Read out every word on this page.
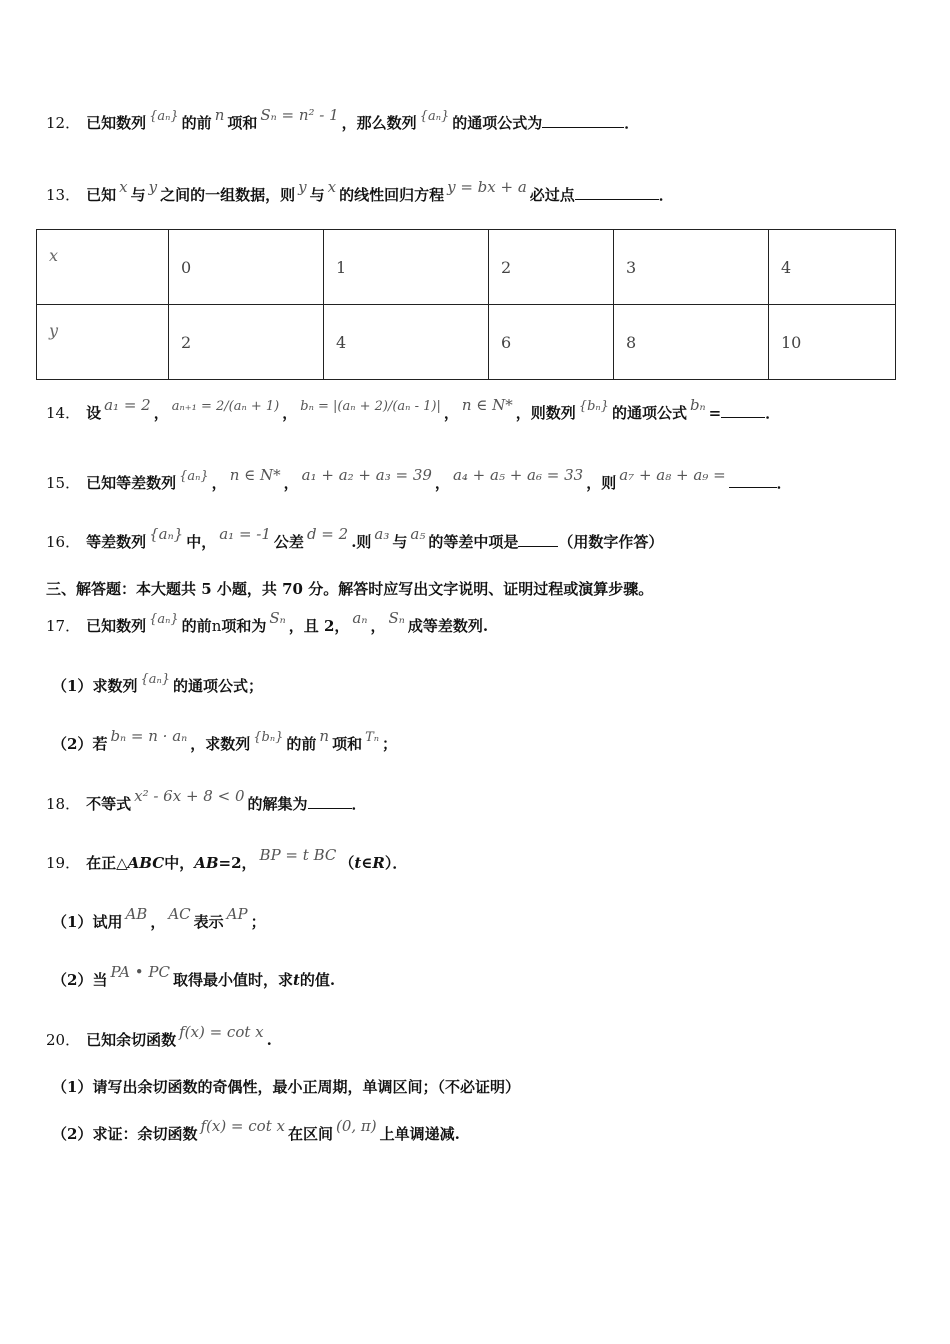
12． 已知数列 {aₙ} 的前 n 项和 Sₙ = n² - 1 ，那么数列 {aₙ} 的通项公式为	．
13． 已知 x 与 y 之间的一组数据，则 y 与 x 的线性回归方程 y = bx + a 必过点	．
x	0	1	2	3	4
y	2	4	6	8	10
14． 设 a₁ = 2 ， aₙ₊₁ = 2/(aₙ + 1) ， bₙ = |(aₙ + 2)/(aₙ - 1)| ， n ∈ N* ，则数列 {bₙ} 的通项公式 bₙ =	．
15． 已知等差数列 {aₙ} ， n ∈ N* ， a₁ + a₂ + a₃ = 39 ， a₄ + a₅ + a₆ = 33 ，则 a₇ + a₈ + a₉ =	．
16． 等差数列 {aₙ} 中， a₁ = -1 公差 d = 2 .则 a₃ 与 a₅ 的等差中项是	（用数字作答）
三、解答题：本大题共 5 小题，共 70 分。解答时应写出文字说明、证明过程或演算步骤。
17． 已知数列 {aₙ} 的前n项和为 Sₙ ，且 2， aₙ ， Sₙ 成等差数列.
（1）求数列 {aₙ} 的通项公式；
（2）若 bₙ = n · aₙ ，求数列 {bₙ} 的前 n 项和 Tₙ ；
18． 不等式 x² - 6x + 8 < 0 的解集为	．
19． 在正△ABC中，AB=2， BP = t BC （t∈R）．
（1）试用 AB ， AC 表示 AP ；
（2）当 PA • PC 取得最小值时，求t的值.
20． 已知余切函数 f(x) = cot x .
（1）请写出余切函数的奇偶性，最小正周期，单调区间；（不必证明）
（2）求证：余切函数 f(x) = cot x 在区间 (0, π) 上单调递减.
